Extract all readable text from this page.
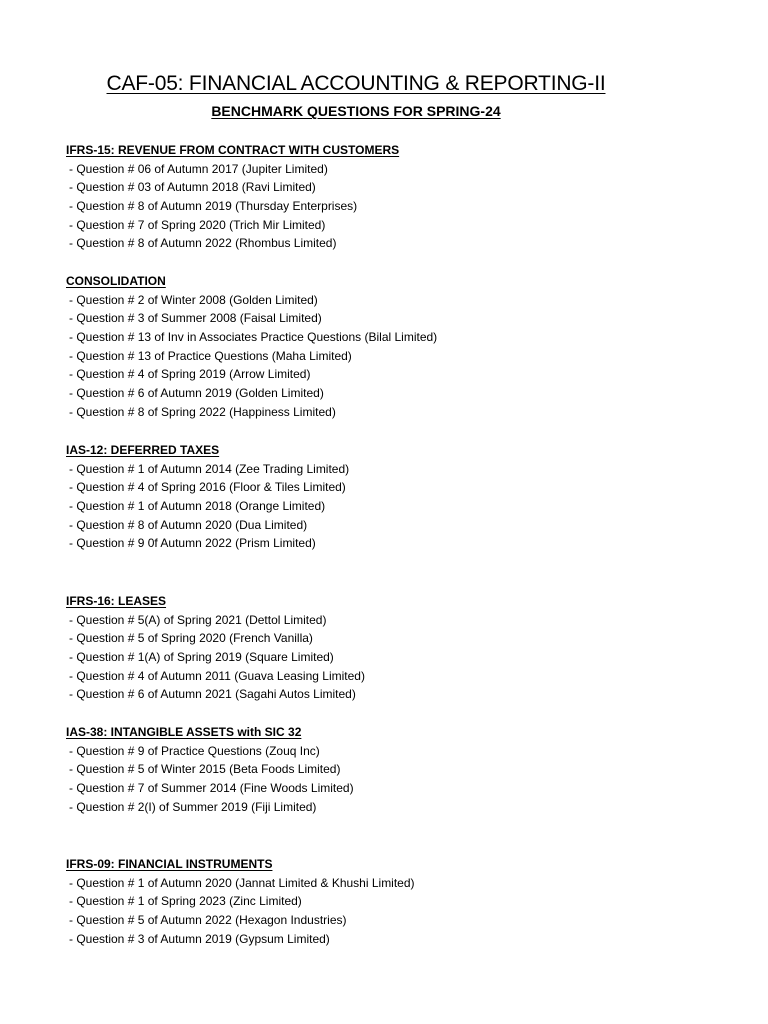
CAF-05: FINANCIAL ACCOUNTING & REPORTING-II
BENCHMARK QUESTIONS FOR SPRING-24
IFRS-15: REVENUE FROM CONTRACT WITH CUSTOMERS
- Question # 06 of Autumn 2017 (Jupiter Limited)
- Question # 03 of Autumn 2018 (Ravi Limited)
- Question # 8 of Autumn 2019 (Thursday Enterprises)
- Question # 7 of Spring 2020 (Trich Mir Limited)
- Question # 8 of Autumn 2022 (Rhombus Limited)
CONSOLIDATION
- Question # 2 of Winter 2008 (Golden Limited)
- Question # 3 of Summer 2008 (Faisal Limited)
- Question # 13 of Inv in Associates Practice Questions (Bilal Limited)
- Question # 13 of Practice Questions (Maha Limited)
- Question # 4 of Spring 2019 (Arrow Limited)
- Question # 6 of Autumn 2019 (Golden Limited)
- Question # 8 of Spring 2022 (Happiness Limited)
IAS-12: DEFERRED TAXES
- Question # 1 of Autumn 2014 (Zee Trading Limited)
- Question # 4 of Spring 2016 (Floor & Tiles Limited)
- Question # 1 of Autumn 2018 (Orange Limited)
- Question # 8 of Autumn 2020 (Dua Limited)
- Question # 9 0f Autumn 2022 (Prism Limited)
IFRS-16: LEASES
- Question # 5(A) of Spring 2021 (Dettol Limited)
- Question # 5 of Spring 2020 (French Vanilla)
- Question # 1(A) of Spring 2019 (Square Limited)
- Question # 4 of Autumn 2011 (Guava Leasing Limited)
- Question # 6 of Autumn 2021 (Sagahi Autos Limited)
IAS-38: INTANGIBLE ASSETS with SIC 32
- Question # 9 of Practice Questions (Zouq Inc)
- Question # 5 of Winter 2015 (Beta Foods Limited)
- Question # 7 of Summer 2014 (Fine Woods Limited)
- Question # 2(I) of Summer 2019 (Fiji Limited)
IFRS-09: FINANCIAL INSTRUMENTS
- Question # 1 of Autumn 2020 (Jannat Limited & Khushi Limited)
- Question # 1 of Spring 2023 (Zinc Limited)
- Question # 5 of Autumn 2022 (Hexagon Industries)
- Question # 3 of Autumn 2019 (Gypsum Limited)
